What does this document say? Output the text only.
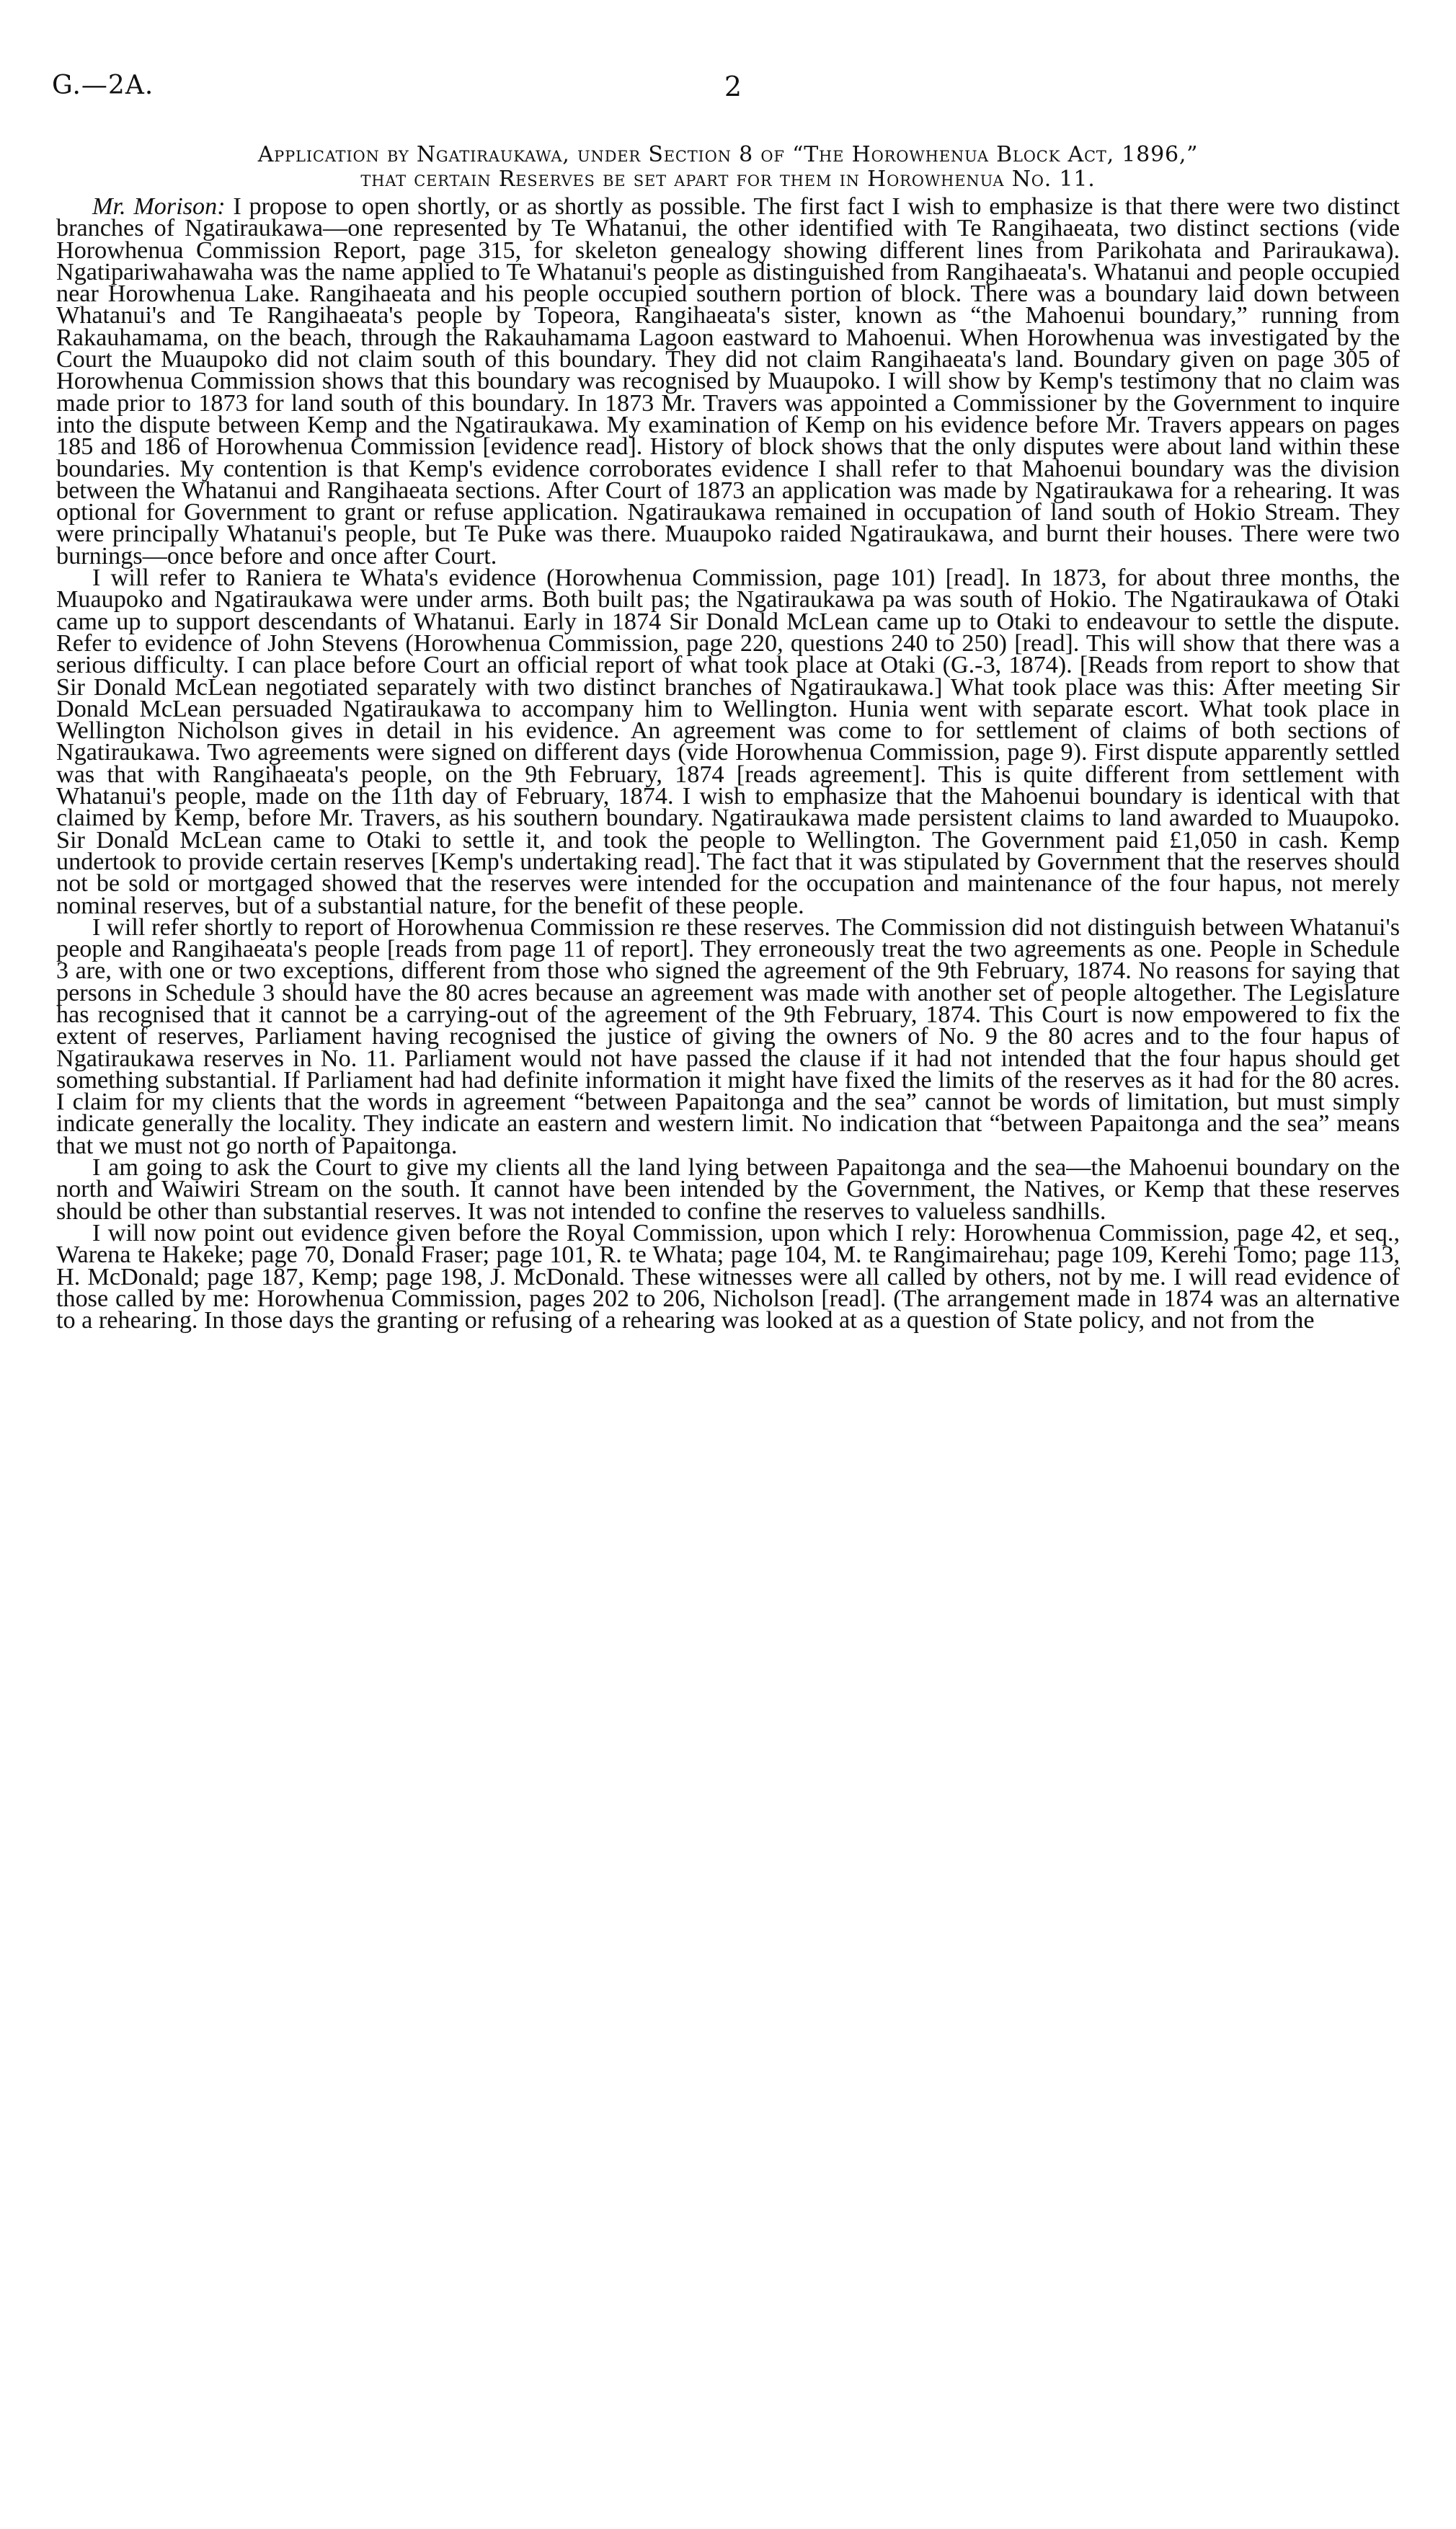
G.—2A.	2
Application by Ngatiraukawa, under Section 8 of “The Horowhenua Block Act, 1896,”
that certain Reserves be set apart for them in Horowhenua No. 11.

Mr. Morison: I propose to open shortly, or as shortly as possible. The first fact I wish to emphasize is that there were two distinct branches of Ngatiraukawa—one represented by Te Whatanui, the other identified with Te Rangihaeata, two distinct sections (vide Horowhenua Commission Report, page 315, for skeleton genealogy showing different lines from Parikohata and Pariraukawa). Ngatipariwahawaha was the name applied to Te Whatanui's people as distinguished from Rangihaeata's. Whatanui and people occupied near Horowhenua Lake. Rangihaeata and his people occupied southern portion of block. There was a boundary laid down between Whatanui's and Te Rangihaeata's people by Topeora, Rangihaeata's sister, known as “the Mahoenui boundary,” running from Rakauhamama, on the beach, through the Rakauhamama Lagoon eastward to Mahoenui. When Horowhenua was investigated by the Court the Muaupoko did not claim south of this boundary. They did not claim Rangihaeata's land. Boundary given on page 305 of Horowhenua Commission shows that this boundary was recognised by Muaupoko. I will show by Kemp's testimony that no claim was made prior to 1873 for land south of this boundary. In 1873 Mr. Travers was appointed a Commissioner by the Government to inquire into the dispute between Kemp and the Ngatiraukawa. My examination of Kemp on his evidence before Mr. Travers appears on pages 185 and 186 of Horowhenua Commission [evidence read]. History of block shows that the only disputes were about land within these boundaries. My contention is that Kemp's evidence corroborates evidence I shall refer to that Mahoenui boundary was the division between the Whatanui and Rangihaeata sections. After Court of 1873 an application was made by Ngatiraukawa for a rehearing. It was optional for Government to grant or refuse application. Ngatiraukawa remained in occupation of land south of Hokio Stream. They were principally Whatanui's people, but Te Puke was there. Muaupoko raided Ngatiraukawa, and burnt their houses. There were two burnings—once before and once after Court.

I will refer to Raniera te Whata's evidence (Horowhenua Commission, page 101) [read]. In 1873, for about three months, the Muaupoko and Ngatiraukawa were under arms. Both built pas; the Ngatiraukawa pa was south of Hokio. The Ngatiraukawa of Otaki came up to support descendants of Whatanui. Early in 1874 Sir Donald McLean came up to Otaki to endeavour to settle the dispute. Refer to evidence of John Stevens (Horowhenua Commission, page 220, questions 240 to 250) [read]. This will show that there was a serious difficulty. I can place before Court an official report of what took place at Otaki (G.-3, 1874). [Reads from report to show that Sir Donald McLean negotiated separately with two distinct branches of Ngatiraukawa.] What took place was this: After meeting Sir Donald McLean persuaded Ngatiraukawa to accompany him to Wellington. Hunia went with separate escort. What took place in Wellington Nicholson gives in detail in his evidence. An agreement was come to for settlement of claims of both sections of Ngatiraukawa. Two agreements were signed on different days (vide Horowhenua Commission, page 9). First dispute apparently settled was that with Rangihaeata's people, on the 9th February, 1874 [reads agreement]. This is quite different from settlement with Whatanui's people, made on the 11th day of February, 1874. I wish to emphasize that the Mahoenui boundary is identical with that claimed by Kemp, before Mr. Travers, as his southern boundary. Ngatiraukawa made persistent claims to land awarded to Muaupoko. Sir Donald McLean came to Otaki to settle it, and took the people to Wellington. The Government paid £1,050 in cash. Kemp undertook to provide certain reserves [Kemp's undertaking read]. The fact that it was stipulated by Government that the reserves should not be sold or mortgaged showed that the reserves were intended for the occupation and maintenance of the four hapus, not merely nominal reserves, but of a substantial nature, for the benefit of these people.

I will refer shortly to report of Horowhenua Commission re these reserves. The Commission did not distinguish between Whatanui's people and Rangihaeata's people [reads from page 11 of report]. They erroneously treat the two agreements as one. People in Schedule 3 are, with one or two exceptions, different from those who signed the agreement of the 9th February, 1874. No reasons for saying that persons in Schedule 3 should have the 80 acres because an agreement was made with another set of people altogether. The Legislature has recognised that it cannot be a carrying-out of the agreement of the 9th February, 1874. This Court is now empowered to fix the extent of reserves, Parliament having recognised the justice of giving the owners of No. 9 the 80 acres and to the four hapus of Ngatiraukawa reserves in No. 11. Parliament would not have passed the clause if it had not intended that the four hapus should get something substantial. If Parliament had had definite information it might have fixed the limits of the reserves as it had for the 80 acres. I claim for my clients that the words in agreement “between Papaitonga and the sea” cannot be words of limitation, but must simply indicate generally the locality. They indicate an eastern and western limit. No indication that “between Papaitonga and the sea” means that we must not go north of Papaitonga.

I am going to ask the Court to give my clients all the land lying between Papaitonga and the sea—the Mahoenui boundary on the north and Waiwiri Stream on the south. It cannot have been intended by the Government, the Natives, or Kemp that these reserves should be other than substantial reserves. It was not intended to confine the reserves to valueless sandhills.

I will now point out evidence given before the Royal Commission, upon which I rely: Horowhenua Commission, page 42, et seq., Warena te Hakeke; page 70, Donald Fraser; page 101, R. te Whata; page 104, M. te Rangimairehau; page 109, Kerehi Tomo; page 113, H. McDonald; page 187, Kemp; page 198, J. McDonald. These witnesses were all called by others, not by me. I will read evidence of those called by me: Horowhenua Commission, pages 202 to 206, Nicholson [read]. (The arrangement made in 1874 was an alternative to a rehearing. In those days the granting or refusing of a rehearing was looked at as a question of State policy, and not from the
